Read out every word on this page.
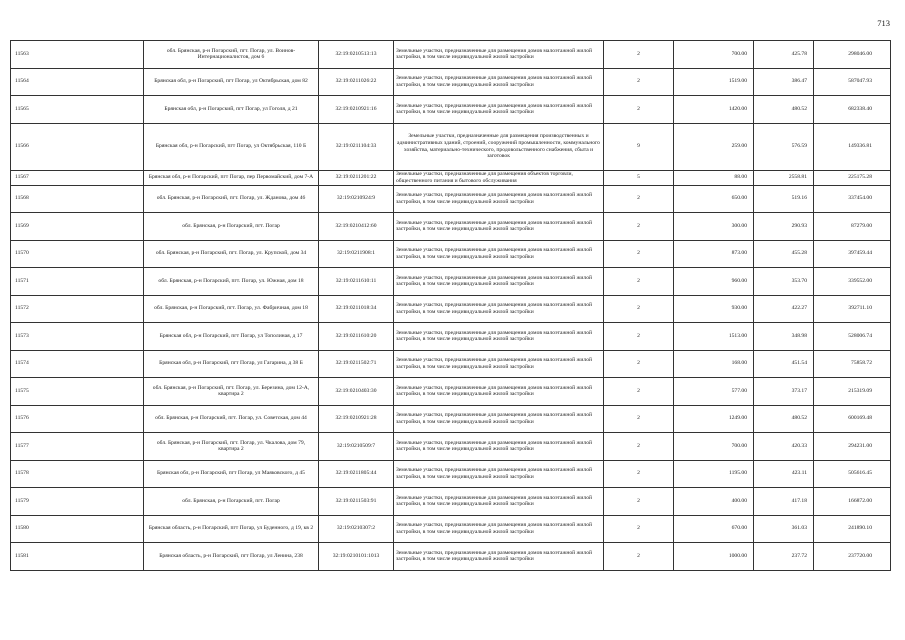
713
11563	обл. Брянская, р-н Погарский, пгт. Погар, ул. Воинов-Интернационалистов, дом 6	32:19:0210513:13	Земельные участки, предназначенные для размещения домов малоэтажной жилой застройки, в том числе индивидуальной жилой застройки	2	700.00	425.78	298046.00
11564	Брянская обл, р-н Погарский, пгт Погар, ул Октябрьская, дом 82	32:19:0211026:22	Земельные участки, предназначенные для размещения домов малоэтажной жилой застройки, в том числе индивидуальной жилой застройки	2	1519.00	386.47	587047.93
11565	Брянская обл, р-н Погарский, пгт Погар, ул Гоголя, д 21	32:19:0210921:16	Земельные участки, предназначенные для размещения домов малоэтажной жилой застройки, в том числе индивидуальной жилой застройки	2	1420.00	480.52	682338.40
11566	Брянская обл, р-н Погарский, пгт Погар, ул Октябрьская, 110 Б	32:19:0211104:33	Земельные участки, предназначенные для размещения производственных и административных зданий, строений, сооружений промышленности, коммунального хозяйства, материально-технического, продовольственного снабжения, сбыта и заготовок	9	259.00	576.59	149336.81
11567	Брянская обл, р-н Погарский, пгт Погар, пер Первомайский, дом 7-А	32:19:0211201:22	Земельные участки, предназначенные для размещения объектов торговли, общественного питания и бытового обслуживания	5	88.00	2558.81	225175.28
11568	обл. Брянская, р-н Погарский, пгт. Погар, ул. Жданова, дом 46	32:19:0210924:9	Земельные участки, предназначенные для размещения домов малоэтажной жилой застройки, в том числе индивидуальной жилой застройки	2	650.00	519.16	337454.00
11569	обл. Брянская, р-н Погарский, пгт. Погар	32:19:0210412:60	Земельные участки, предназначенные для размещения домов малоэтажной жилой застройки, в том числе индивидуальной жилой застройки	2	300.00	290.93	87279.00
11570	обл. Брянская, р-н Погарский, пгт. Погар, ул. Крупской, дом 34	32:19:0211908:1	Земельные участки, предназначенные для размещения домов малоэтажной жилой застройки, в том числе индивидуальной жилой застройки	2	873.00	455.28	397459.44
11571	обл. Брянская, р-н Погарский, пгт. Погар, ул. Южная, дом 18	32:19:0211610:11	Земельные участки, предназначенные для размещения домов малоэтажной жилой застройки, в том числе индивидуальной жилой застройки	2	960.00	353.70	339552.00
11572	обл. Брянская, р-н Погарский, пгт. Погар, ул. Фабричная, дом 18	32:19:0211018:34	Земельные участки, предназначенные для размещения домов малоэтажной жилой застройки, в том числе индивидуальной жилой застройки	2	930.00	422.27	392711.10
11573	Брянская обл, р-н Погарский, пгт Погар, ул Тополиная, д 17	32:19:0211610:20	Земельные участки, предназначенные для размещения домов малоэтажной жилой застройки, в том числе индивидуальной жилой застройки	2	1513.00	348.98	528006.74
11574	Брянская обл, р-н Погарский, пгт Погар, ул Гагарина, д 38 Б	32:19:0211502:71	Земельные участки, предназначенные для размещения домов малоэтажной жилой застройки, в том числе индивидуальной жилой застройки	2	168.00	451.54	75858.72
11575	обл. Брянская, р-н Погарский, пгт. Погар, ул. Березина, дом 12-А, квартира 2	32:19:0210403:30	Земельные участки, предназначенные для размещения домов малоэтажной жилой застройки, в том числе индивидуальной жилой застройки	2	577.00	373.17	215319.09
11576	обл. Брянская, р-н Погарский, пгт. Погар, ул. Советская, дом 44	32:19:0210921:28	Земельные участки, предназначенные для размещения домов малоэтажной жилой застройки, в том числе индивидуальной жилой застройки	2	1249.00	480.52	600169.48
11577	обл. Брянская, р-н Погарский, пгт. Погар, ул. Чкалова, дом 79, квартира 2	32:19:0210509:7	Земельные участки, предназначенные для размещения домов малоэтажной жилой застройки, в том числе индивидуальной жилой застройки	2	700.00	420.33	294231.00
11578	Брянская обл, р-н Погарский, пгт Погар, ул Маяковского, д 45	32:19:0211805:44	Земельные участки, предназначенные для размещения домов малоэтажной жилой застройки, в том числе индивидуальной жилой застройки	2	1195.00	423.11	505616.45
11579	обл. Брянская, р-н Погарский, пгт. Погар	32:19:0211503:91	Земельные участки, предназначенные для размещения домов малоэтажной жилой застройки, в том числе индивидуальной жилой застройки	2	400.00	417.18	166872.00
11580	Брянская область, р-н Погарский, пгт Погар, ул Буденного, д 19, кв 2	32:19:0210307:2	Земельные участки, предназначенные для размещения домов малоэтажной жилой застройки, в том числе индивидуальной жилой застройки	2	670.00	361.03	241890.10
11581	Брянская область, р-н Погарский, пгт Погар, ул Ленина, 238	32:19:0210101:1013	Земельные участки, предназначенные для размещения домов малоэтажной жилой застройки, в том числе индивидуальной жилой застройки	2	1000.00	237.72	237720.00
